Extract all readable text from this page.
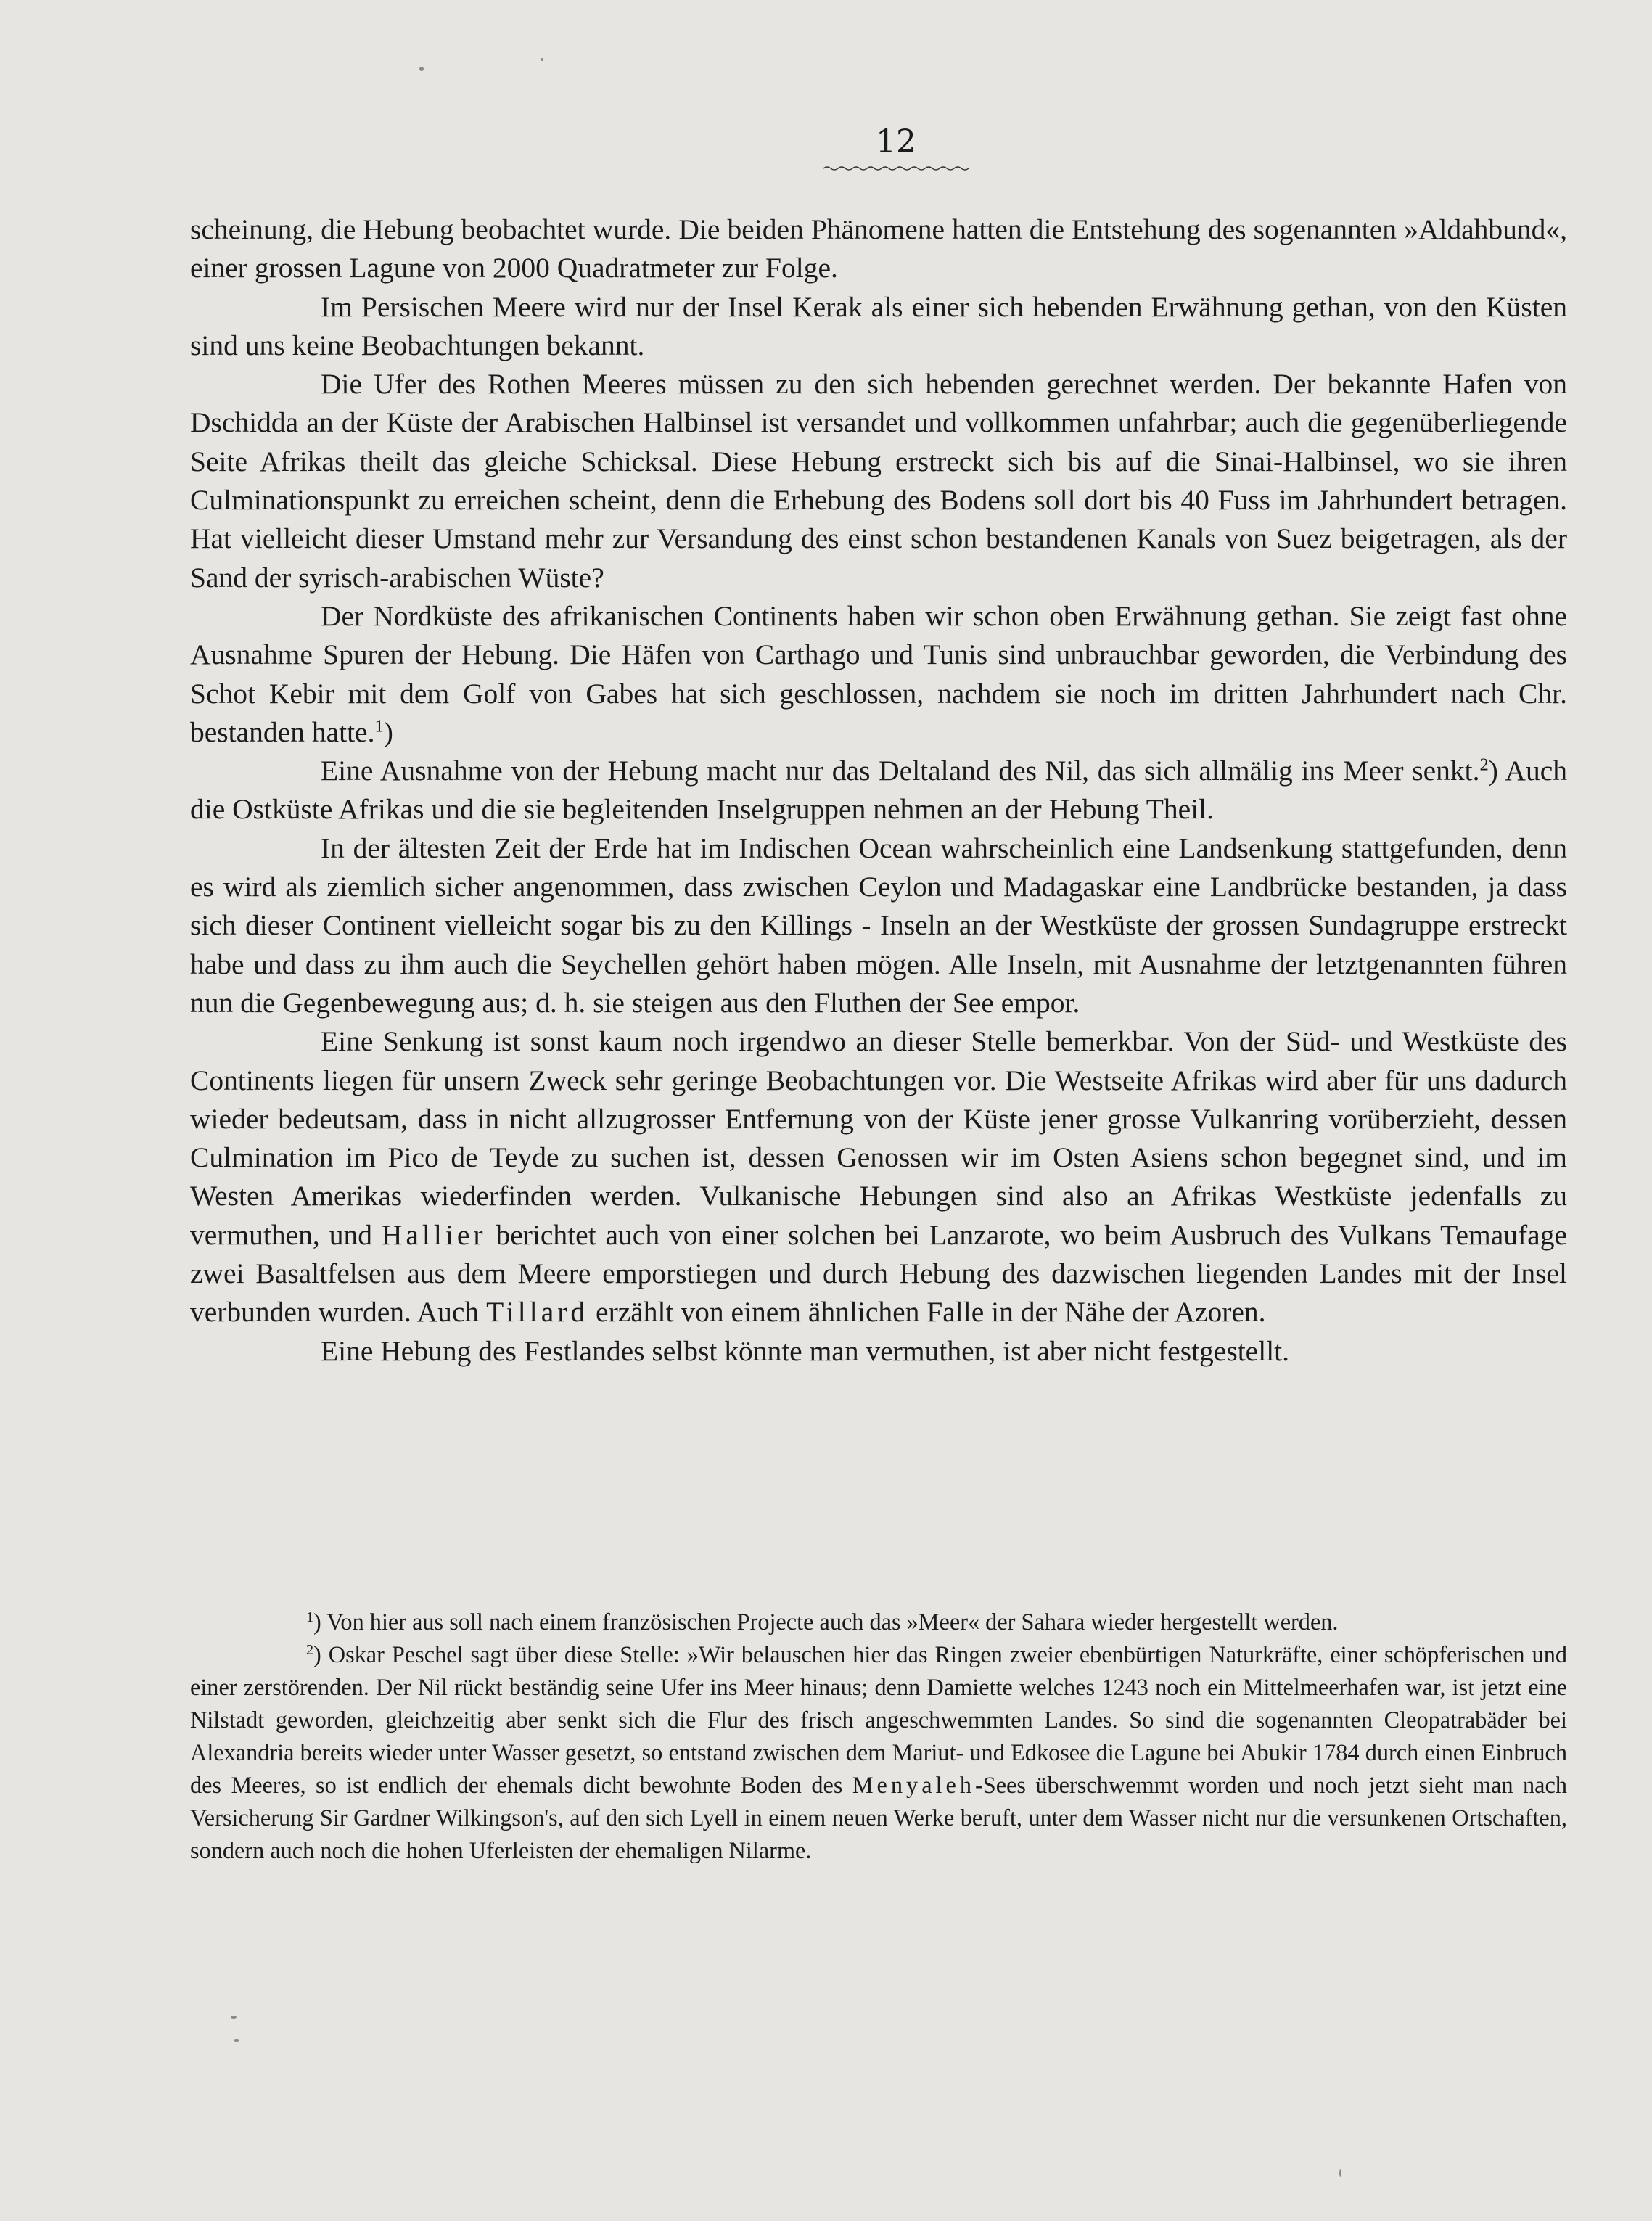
12

scheinung, die Hebung beobachtet wurde. Die beiden Phänomene hatten die Entstehung des sogenannten »Aldahbund«, einer grossen Lagune von 2000 Quadratmeter zur Folge.

Im Persischen Meere wird nur der Insel Kerak als einer sich hebenden Erwähnung gethan, von den Küsten sind uns keine Beobachtungen bekannt.

Die Ufer des Rothen Meeres müssen zu den sich hebenden gerechnet werden. Der bekannte Hafen von Dschidda an der Küste der Arabischen Halbinsel ist versandet und vollkommen unfahrbar; auch die gegenüberliegende Seite Afrikas theilt das gleiche Schicksal. Diese Hebung erstreckt sich bis auf die Sinai-Halbinsel, wo sie ihren Culminationspunkt zu erreichen scheint, denn die Erhebung des Bodens soll dort bis 40 Fuss im Jahrhundert betragen. Hat vielleicht dieser Umstand mehr zur Versandung des einst schon bestandenen Kanals von Suez beigetragen, als der Sand der syrisch-arabischen Wüste?

Der Nordküste des afrikanischen Continents haben wir schon oben Erwähnung gethan. Sie zeigt fast ohne Ausnahme Spuren der Hebung. Die Häfen von Carthago und Tunis sind unbrauchbar geworden, die Verbindung des Schot Kebir mit dem Golf von Gabes hat sich geschlossen, nachdem sie noch im dritten Jahrhundert nach Chr. bestanden hatte.$^1$)

Eine Ausnahme von der Hebung macht nur das Deltaland des Nil, das sich allmälig ins Meer senkt.$^2$) Auch die Ostküste Afrikas und die sie begleitenden Inselgruppen nehmen an der Hebung Theil.

In der ältesten Zeit der Erde hat im Indischen Ocean wahrscheinlich eine Landsenkung stattgefunden, denn es wird als ziemlich sicher angenommen, dass zwischen Ceylon und Madagaskar eine Landbrücke bestanden, ja dass sich dieser Continent vielleicht sogar bis zu den Killings - Inseln an der Westküste der grossen Sundagruppe erstreckt habe und dass zu ihm auch die Seychellen gehört haben mögen. Alle Inseln, mit Ausnahme der letztgenannten führen nun die Gegenbewegung aus; d. h. sie steigen aus den Fluthen der See empor.

Eine Senkung ist sonst kaum noch irgendwo an dieser Stelle bemerkbar. Von der Süd- und Westküste des Continents liegen für unsern Zweck sehr geringe Beobachtungen vor. Die Westseite Afrikas wird aber für uns dadurch wieder bedeutsam, dass in nicht allzugrosser Entfernung von der Küste jener grosse Vulkanring vorüberzieht, dessen Culmination im Pico de Teyde zu suchen ist, dessen Genossen wir im Osten Asiens schon begegnet sind, und im Westen Amerikas wiederfinden werden. Vulkanische Hebungen sind also an Afrikas Westküste jedenfalls zu vermuthen, und Hallier berichtet auch von einer solchen bei Lanzarote, wo beim Ausbruch des Vulkans Temaufage zwei Basaltfelsen aus dem Meere emporstiegen und durch Hebung des dazwischen liegenden Landes mit der Insel verbunden wurden. Auch Tillard erzählt von einem ähnlichen Falle in der Nähe der Azoren.

Eine Hebung des Festlandes selbst könnte man vermuthen, ist aber nicht festgestellt.

$^1$) Von hier aus soll nach einem französischen Projecte auch das »Meer« der Sahara wieder hergestellt werden.

$^2$) Oskar Peschel sagt über diese Stelle: »Wir belauschen hier das Ringen zweier ebenbürtigen Naturkräfte, einer schöpferischen und einer zerstörenden. Der Nil rückt beständig seine Ufer ins Meer hinaus; denn Damiette welches 1243 noch ein Mittelmeerhafen war, ist jetzt eine Nilstadt geworden, gleichzeitig aber senkt sich die Flur des frisch angeschwemmten Landes. So sind die sogenannten Cleopatrabäder bei Alexandria bereits wieder unter Wasser gesetzt, so entstand zwischen dem Mariut- und Edkosee die Lagune bei Abukir 1784 durch einen Einbruch des Meeres, so ist endlich der ehemals dicht bewohnte Boden des Menyaleh-Sees überschwemmt worden und noch jetzt sieht man nach Versicherung Sir Gardner Wilkingson's, auf den sich Lyell in einem neuen Werke beruft, unter dem Wasser nicht nur die versunkenen Ortschaften, sondern auch noch die hohen Uferleisten der ehemaligen Nilarme.
